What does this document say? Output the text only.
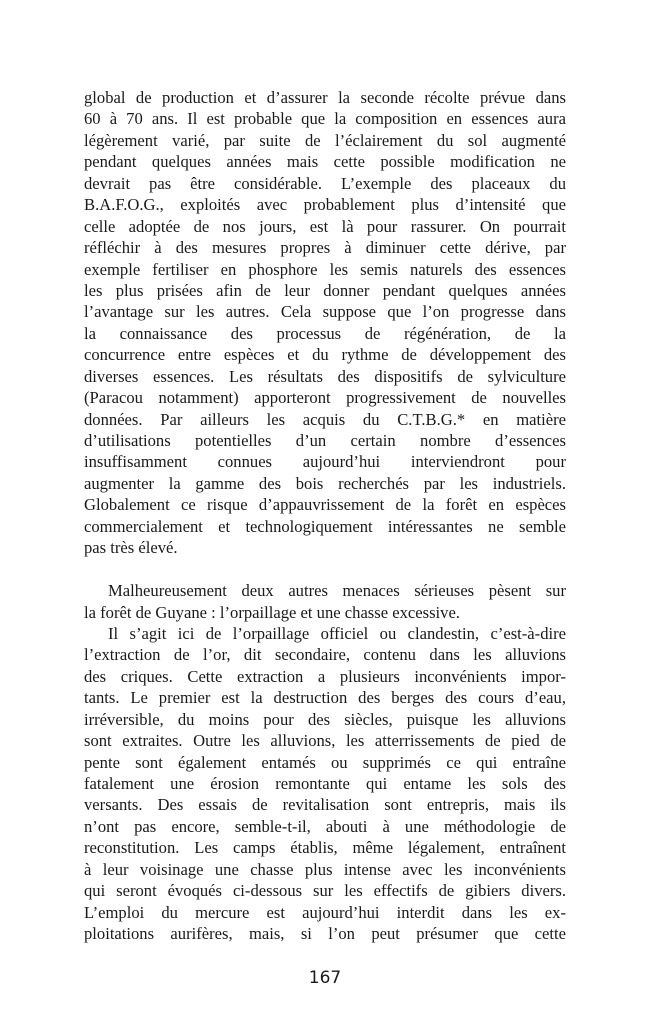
global de production et d’assurer la seconde récolte prévue dans
60 à 70 ans. Il est probable que la composition en essences aura
légèrement varié, par suite de l’éclairement du sol augmenté
pendant quelques années mais cette possible modification ne
devrait pas être considérable. L’exemple des placeaux du
B.A.F.O.G., exploités avec probablement plus d’intensité que
celle adoptée de nos jours, est là pour rassurer. On pourrait
réfléchir à des mesures propres à diminuer cette dérive, par
exemple fertiliser en phosphore les semis naturels des essences
les plus prisées afin de leur donner pendant quelques années
l’avantage sur les autres. Cela suppose que l’on progresse dans
la connaissance des processus de régénération, de la
concurrence entre espèces et du rythme de développement des
diverses essences. Les résultats des dispositifs de sylviculture
(Paracou notamment) apporteront progressivement de nouvelles
données. Par ailleurs les acquis du C.T.B.G.* en matière
d’utilisations potentielles d’un certain nombre d’essences
insuffisamment connues aujourd’hui interviendront pour
augmenter la gamme des bois recherchés par les industriels.
Globalement ce risque d’appauvrissement de la forêt en espèces
commercialement et technologiquement intéressantes ne semble
pas très élevé.
Malheureusement deux autres menaces sérieuses pèsent sur
la forêt de Guyane : l’orpaillage et une chasse excessive.
Il s’agit ici de l’orpaillage officiel ou clandestin, c’est-à-dire
l’extraction de l’or, dit secondaire, contenu dans les alluvions
des criques. Cette extraction a plusieurs inconvénients impor-
tants. Le premier est la destruction des berges des cours d’eau,
irréversible, du moins pour des siècles, puisque les alluvions
sont extraites. Outre les alluvions, les atterrissements de pied de
pente sont également entamés ou supprimés ce qui entraîne
fatalement une érosion remontante qui entame les sols des
versants. Des essais de revitalisation sont entrepris, mais ils
n’ont pas encore, semble-t-il, abouti à une méthodologie de
reconstitution. Les camps établis, même légalement, entraînent
à leur voisinage une chasse plus intense avec les inconvénients
qui seront évoqués ci-dessous sur les effectifs de gibiers divers.
L’emploi du mercure est aujourd’hui interdit dans les ex-
ploitations aurifères, mais, si l’on peut présumer que cette
167
